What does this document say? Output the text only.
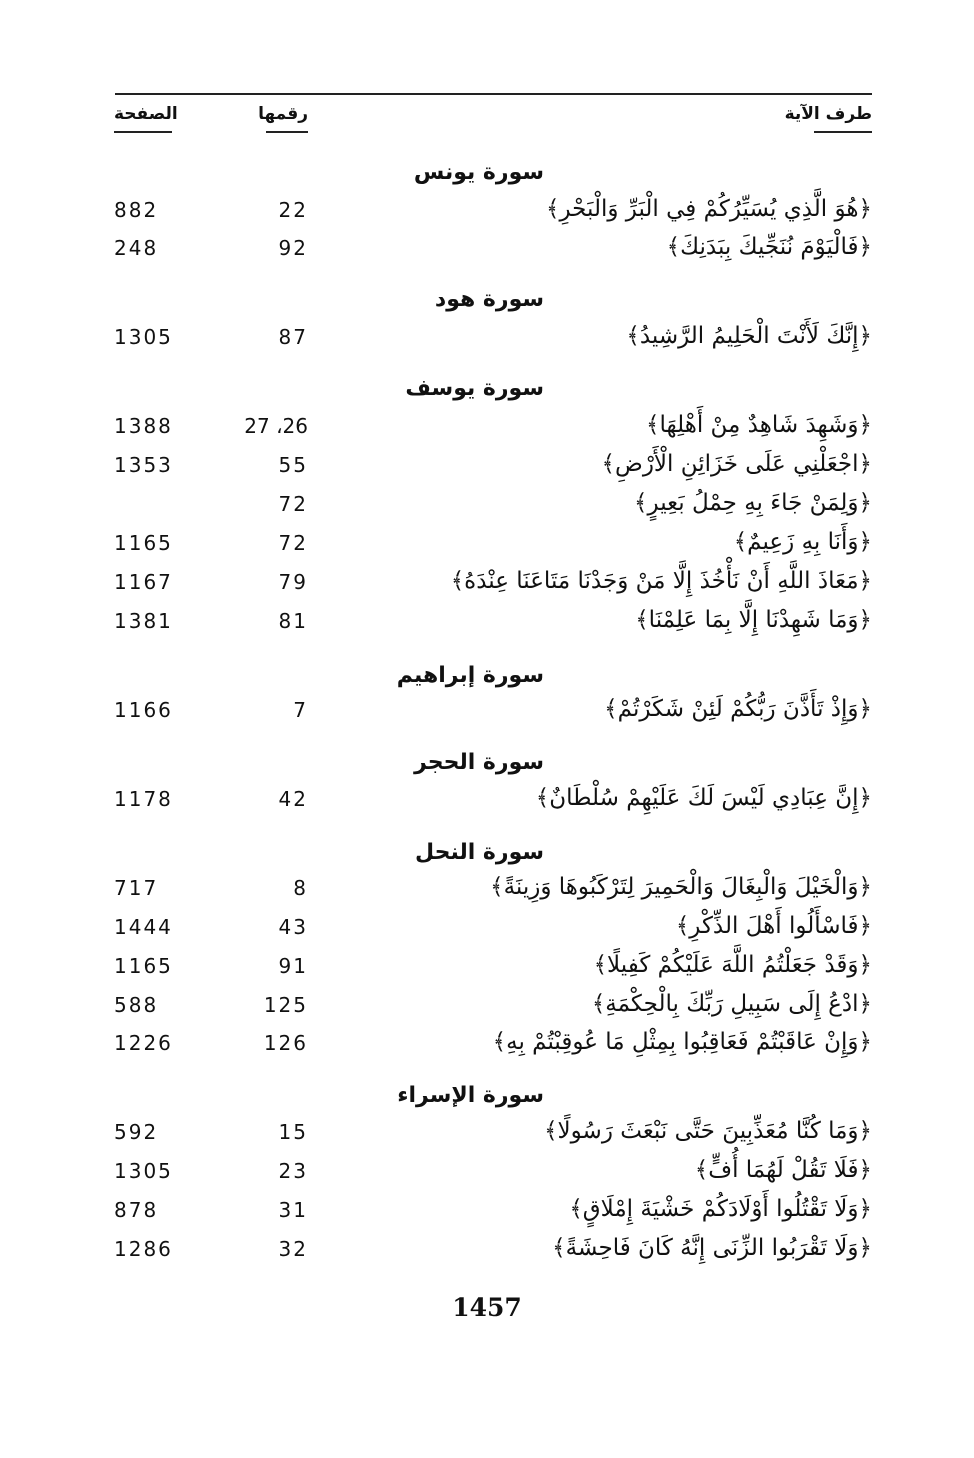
طرف الآية
رقمها
الصفحة
سورة يونس
﴿هُوَ الَّذِي يُسَيِّرُكُمْ فِي الْبَرِّ وَالْبَحْرِ﴾
22
882
﴿فَالْيَوْمَ نُنَجِّيكَ بِبَدَنِكَ﴾
92
248
سورة هود
﴿إِنَّكَ لَأَنْتَ الْحَلِيمُ الرَّشِيدُ﴾
87
1305
سورة يوسف
﴿وَشَهِدَ شَاهِدٌ مِنْ أَهْلِهَا﴾
27 ،26
1388
﴿اجْعَلْنِي عَلَى خَزَائِنِ الْأَرْضِ﴾
55
1353
﴿وَلِمَنْ جَاءَ بِهِ حِمْلُ بَعِيرٍ﴾
72
﴿وَأَنَا بِهِ زَعِيمٌ﴾
72
1165
﴿مَعَاذَ اللَّهِ أَنْ نَأْخُذَ إِلَّا مَنْ وَجَدْنَا مَتَاعَنَا عِنْدَهُ﴾
79
1167
﴿وَمَا شَهِدْنَا إِلَّا بِمَا عَلِمْنَا﴾
81
1381
سورة إبراهيم
﴿وَإِذْ تَأَذَّنَ رَبُّكُمْ لَئِنْ شَكَرْتُمْ﴾
7
1166
سورة الحجر
﴿إِنَّ عِبَادِي لَيْسَ لَكَ عَلَيْهِمْ سُلْطَانٌ﴾
42
1178
سورة النحل
﴿وَالْخَيْلَ وَالْبِغَالَ وَالْحَمِيرَ لِتَرْكَبُوهَا وَزِينَةً﴾
8
717
﴿فَاسْأَلُوا أَهْلَ الذِّكْرِ﴾
43
1444
﴿وَقَدْ جَعَلْتُمُ اللَّهَ عَلَيْكُمْ كَفِيلًا﴾
91
1165
﴿ادْعُ إِلَى سَبِيلِ رَبِّكَ بِالْحِكْمَةِ﴾
125
588
﴿وَإِنْ عَاقَبْتُمْ فَعَاقِبُوا بِمِثْلِ مَا عُوقِبْتُمْ بِهِ﴾
126
1226
سورة الإسراء
﴿وَمَا كُنَّا مُعَذِّبِينَ حَتَّى نَبْعَثَ رَسُولًا﴾
15
592
﴿فَلَا تَقُلْ لَهُمَا أُفٍّ﴾
23
1305
﴿وَلَا تَقْتُلُوا أَوْلَادَكُمْ خَشْيَةَ إِمْلَاقٍ﴾
31
878
﴿وَلَا تَقْرَبُوا الزِّنَى إِنَّهُ كَانَ فَاحِشَةً﴾
32
1286
1457
